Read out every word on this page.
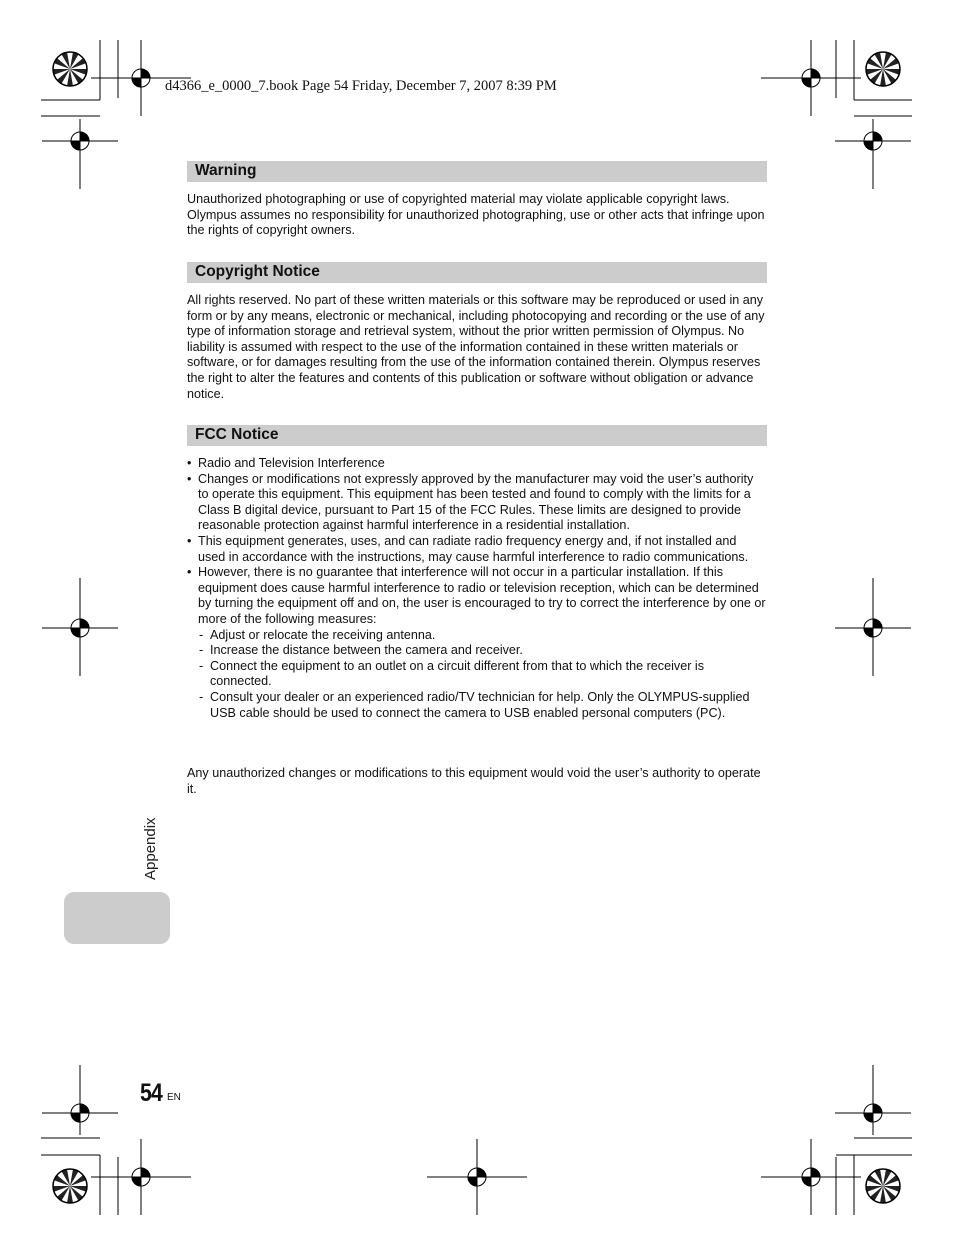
d4366_e_0000_7.book Page 54 Friday, December 7, 2007 8:39 PM
Warning
Unauthorized photographing or use of copyrighted material may violate applicable copyright laws. Olympus assumes no responsibility for unauthorized photographing, use or other acts that infringe upon the rights of copyright owners.
Copyright Notice
All rights reserved. No part of these written materials or this software may be reproduced or used in any form or by any means, electronic or mechanical, including photocopying and recording or the use of any type of information storage and retrieval system, without the prior written permission of Olympus. No liability is assumed with respect to the use of the information contained in these written materials or software, or for damages resulting from the use of the information contained therein. Olympus reserves the right to alter the features and contents of this publication or software without obligation or advance notice.
FCC Notice
• Radio and Television Interference
• Changes or modifications not expressly approved by the manufacturer may void the user’s authority to operate this equipment. This equipment has been tested and found to comply with the limits for a Class B digital device, pursuant to Part 15 of the FCC Rules. These limits are designed to provide reasonable protection against harmful interference in a residential installation.
• This equipment generates, uses, and can radiate radio frequency energy and, if not installed and used in accordance with the instructions, may cause harmful interference to radio communications.
• However, there is no guarantee that interference will not occur in a particular installation. If this equipment does cause harmful interference to radio or television reception, which can be determined by turning the equipment off and on, the user is encouraged to try to correct the interference by one or more of the following measures:
- Adjust or relocate the receiving antenna.
- Increase the distance between the camera and receiver.
- Connect the equipment to an outlet on a circuit different from that to which the receiver is connected.
- Consult your dealer or an experienced radio/TV technician for help. Only the OLYMPUS-supplied USB cable should be used to connect the camera to USB enabled personal computers (PC).
Any unauthorized changes or modifications to this equipment would void the user’s authority to operate it.
Appendix
54 EN
